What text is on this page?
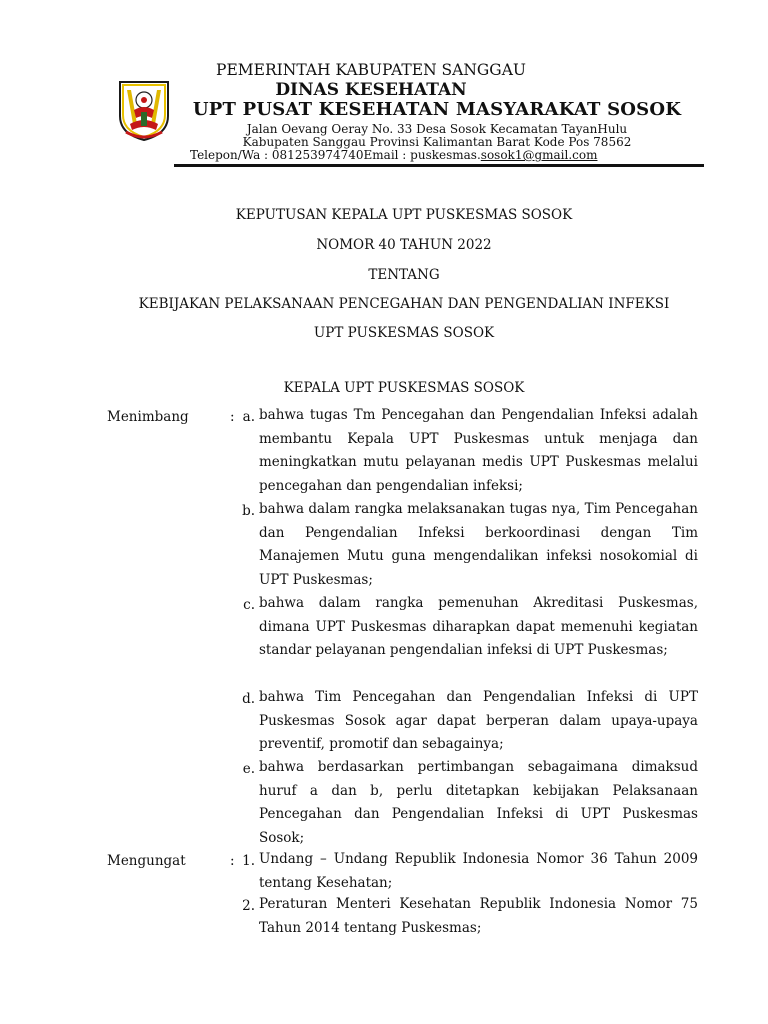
PEMERINTAH KABUPATEN SANGGAU
DINAS KESEHATAN
UPT PUSAT KESEHATAN MASYARAKAT SOSOK
Jalan Oevang Oeray No. 33 Desa Sosok Kecamatan TayanHulu
Kabupaten Sanggau Provinsi Kalimantan Barat Kode Pos 78562
Telepon/Wa : 081253974740Email : puskesmas.sosok1@gmail.com
KEPUTUSAN KEPALA UPT PUSKESMAS SOSOK
NOMOR 40 TAHUN 2022
TENTANG
KEBIJAKAN PELAKSANAAN PENCEGAHAN DAN PENGENDALIAN INFEKSI
UPT PUSKESMAS SOSOK
KEPALA UPT PUSKESMAS SOSOK
Menimbang	: a. bahwa tugas Tm Pencegahan dan Pengendalian Infeksi adalah membantu Kepala UPT Puskesmas untuk menjaga dan meningkatkan mutu pelayanan medis UPT Puskesmas melalui pencegahan dan pengendalian infeksi;
b. bahwa dalam rangka melaksanakan tugas nya, Tim Pencegahan dan Pengendalian Infeksi berkoordinasi dengan Tim Manajemen Mutu guna mengendalikan infeksi nosokomial di UPT Puskesmas;
c. bahwa dalam rangka pemenuhan Akreditasi Puskesmas, dimana UPT Puskesmas diharapkan dapat memenuhi kegiatan standar pelayanan pengendalian infeksi di UPT Puskesmas;
d. bahwa Tim Pencegahan dan Pengendalian Infeksi di UPT Puskesmas Sosok agar dapat berperan dalam upaya-upaya preventif, promotif dan sebagainya;
e. bahwa berdasarkan pertimbangan sebagaimana dimaksud huruf a dan b, perlu ditetapkan kebijakan Pelaksanaan Pencegahan dan Pengendalian Infeksi di UPT Puskesmas Sosok;
Mengungat	: 1. Undang – Undang Republik Indonesia Nomor 36 Tahun 2009 tentang Kesehatan;
2. Peraturan Menteri Kesehatan Republik Indonesia Nomor 75 Tahun 2014 tentang Puskesmas;
